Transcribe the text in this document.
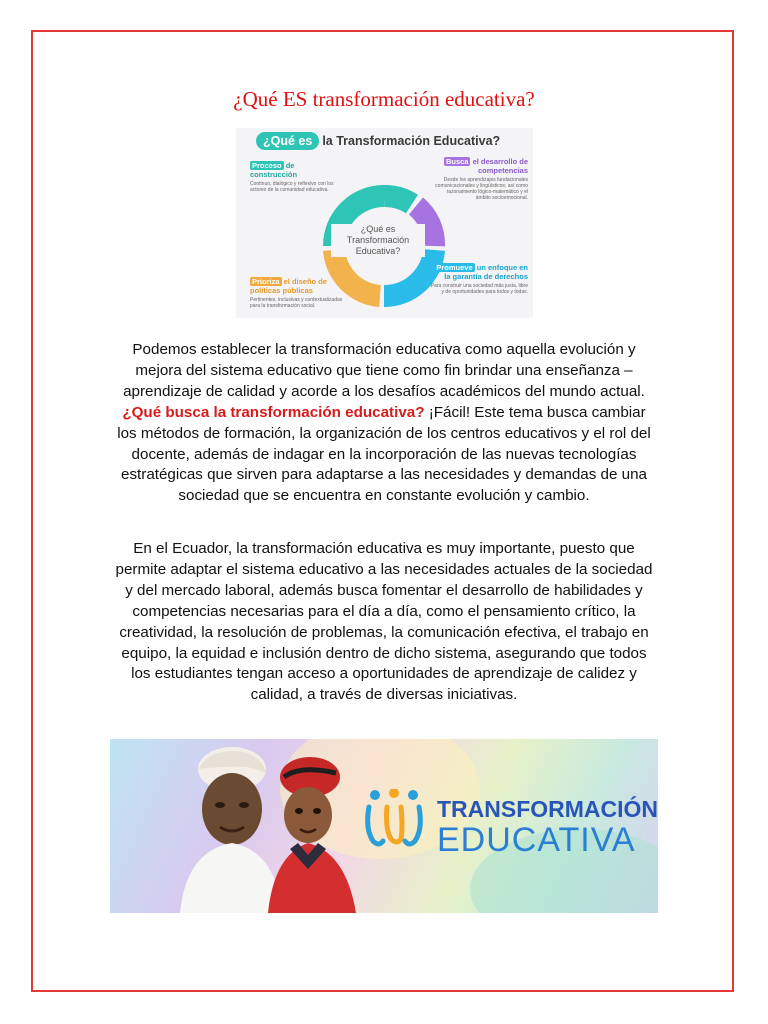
¿Qué ES transformación educativa?
¿Qué es la Transformación Educativa?
¿Qué es Transformación Educativa?
Proceso de construcción
Continuo, dialógico y reflexivo con los actores de la comunidad educativa.
Busca el desarrollo de competencias
Desde los aprendizajes fundacionales comunicacionales y lingüísticos; así como razonamiento lógico-matemático y el ámbito socioemocional.
Prioriza el diseño de políticas públicas
Pertinentes, inclusivas y contextualizadas para la transformación social.
Promueve un enfoque en la garantía de derechos
Para construir una sociedad más justa, libre y de oportunidades para todos y todas.

Podemos establecer la transformación educativa como aquella evolución y mejora del sistema educativo que tiene como fin brindar una enseñanza – aprendizaje de calidad y acorde a los desafíos académicos del mundo actual. ¿Qué busca la transformación educativa? ¡Fácil! Este tema busca cambiar los métodos de formación, la organización de los centros educativos y el rol del docente, además de indagar en la incorporación de las nuevas tecnologías estratégicas que sirven para adaptarse a las necesidades y demandas de una sociedad que se encuentra en constante evolución y cambio.

En el Ecuador, la transformación educativa es muy importante, puesto que permite adaptar el sistema educativo a las necesidades actuales de la sociedad y del mercado laboral, además busca fomentar el desarrollo de habilidades y competencias necesarias para el día a día, como el pensamiento crítico, la creatividad, la resolución de problemas, la comunicación efectiva, el trabajo en equipo, la equidad e inclusión dentro de dicho sistema, asegurando que todos los estudiantes tengan acceso a oportunidades de aprendizaje de calidez y calidad, a través de diversas iniciativas.

TRANSFORMACIÓN
EDUCATIVA
